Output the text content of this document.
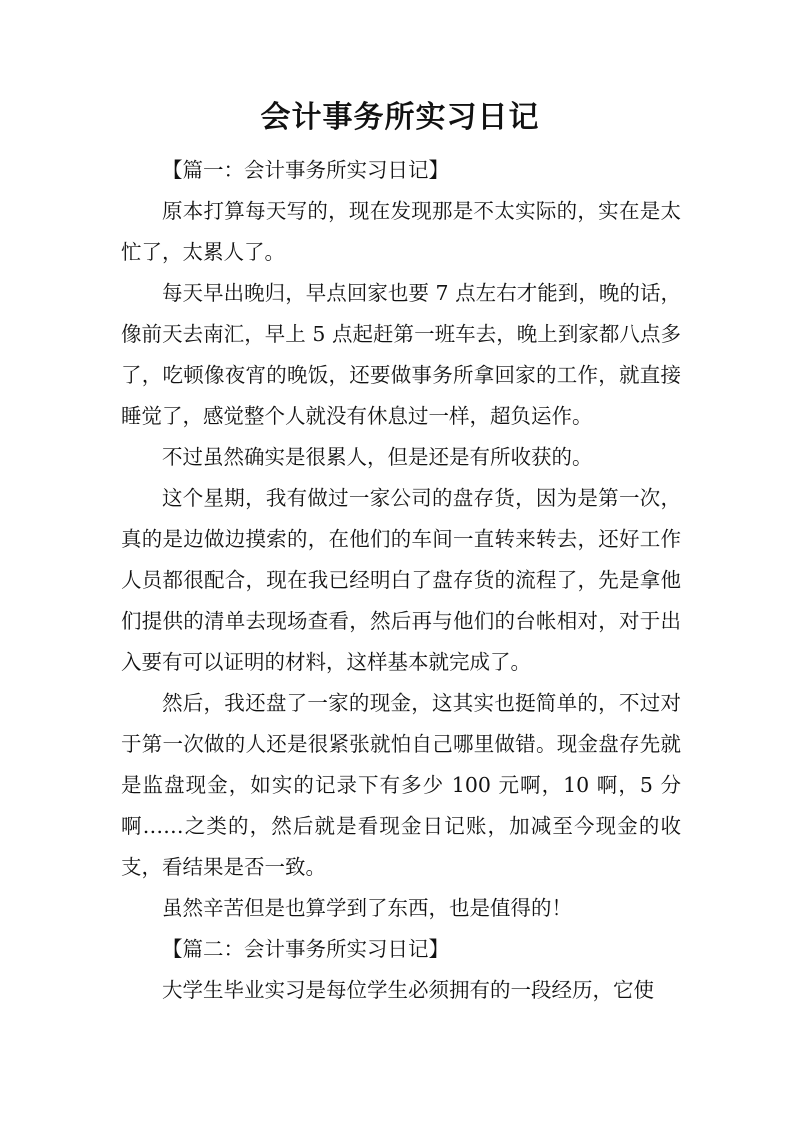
会计事务所实习日记

【篇一：会计事务所实习日记】

原本打算每天写的，现在发现那是不太实际的，实在是太忙了，太累人了。

每天早出晚归，早点回家也要 7 点左右才能到，晚的话，像前天去南汇，早上 5 点起赶第一班车去，晚上到家都八点多了，吃顿像夜宵的晚饭，还要做事务所拿回家的工作，就直接睡觉了，感觉整个人就没有休息过一样，超负运作。

不过虽然确实是很累人，但是还是有所收获的。

这个星期，我有做过一家公司的盘存货，因为是第一次，真的是边做边摸索的，在他们的车间一直转来转去，还好工作人员都很配合，现在我已经明白了盘存货的流程了，先是拿他们提供的清单去现场查看，然后再与他们的台帐相对，对于出入要有可以证明的材料，这样基本就完成了。

然后，我还盘了一家的现金，这其实也挺简单的，不过对于第一次做的人还是很紧张就怕自己哪里做错。现金盘存先就是监盘现金，如实的记录下有多少 100 元啊，10 啊，5 分啊……之类的，然后就是看现金日记账，加减至今现金的收支，看结果是否一致。

虽然辛苦但是也算学到了东西，也是值得的！

【篇二：会计事务所实习日记】

大学生毕业实习是每位学生必须拥有的一段经历，它使
